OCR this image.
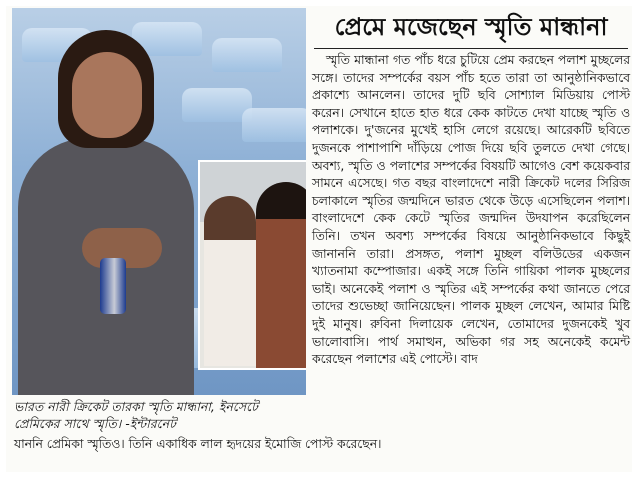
ভারত নারী ক্রিকেট তারকা স্মৃতি মান্ধানা, ইনসেটে প্রেমিকের সাথে স্মৃতি। -ইন্টারনেট
প্রেমে মজেছেন স্মৃতি মান্ধানা

স্মৃতি মান্ধানা গত পাঁচ ধরে চুটিয়ে প্রেম করছেন পলাশ মুচ্ছলের সঙ্গে। তাদের সম্পর্কের বয়স পাঁচ হতে তারা তা আনুষ্ঠানিকভাবে প্রকাশ্যে আনলেন। তাদের দুটি ছবি সোশ্যাল মিডিয়ায় পোস্ট করেন। সেখানে হাতে হাত ধরে কেক কাটতে দেখা যাচ্ছে স্মৃতি ও পলাশকে। দু'জনের মুখেই হাসি লেগে রয়েছে। আরেকটি ছবিতে দুজনকে পাশাপাশি দাঁড়িয়ে পোজ দিয়ে ছবি তুলতে দেখা গেছে। অবশ্য, স্মৃতি ও পলাশের সম্পর্কের বিষয়টি আগেও বেশ কয়েকবার সামনে এসেছে। গত বছর বাংলাদেশে নারী ক্রিকেট দলের সিরিজ চলাকালে স্মৃতির জন্মদিনে ভারত থেকে উড়ে এসেছিলেন পলাশ। বাংলাদেশে কেক কেটে স্মৃতির জন্মদিন উদযাপন করেছিলেন তিনি। তখন অবশ্য সম্পর্কের বিষয়ে আনুষ্ঠানিকভাবে কিছুই জানাননি তারা। প্রসঙ্গত, পলাশ মুচ্ছল বলিউডের একজন খ্যাতনামা কম্পোজার। একই সঙ্গে তিনি গায়িকা পালক মুচ্ছলের ভাই। অনেকেই পলাশ ও স্মৃতির এই সম্পর্কের কথা জানতে পেরে তাদের শুভেচ্ছা জানিয়েছেন। পালক মুচ্ছল লেখেন, আমার মিষ্টি দুই মানুষ। রুবিনা দিলায়েক লেখেন, তোমাদের দুজনকেই খুব ভালোবাসি। পার্থ সমাত্থন, অভিকা গর সহ অনেকেই কমেন্ট করেছেন পলাশের এই পোস্টে। বাদ

যাননি প্রেমিকা স্মৃতিও। তিনি একাধিক লাল হৃদয়ের ইমোজি পোস্ট করেছেন।
